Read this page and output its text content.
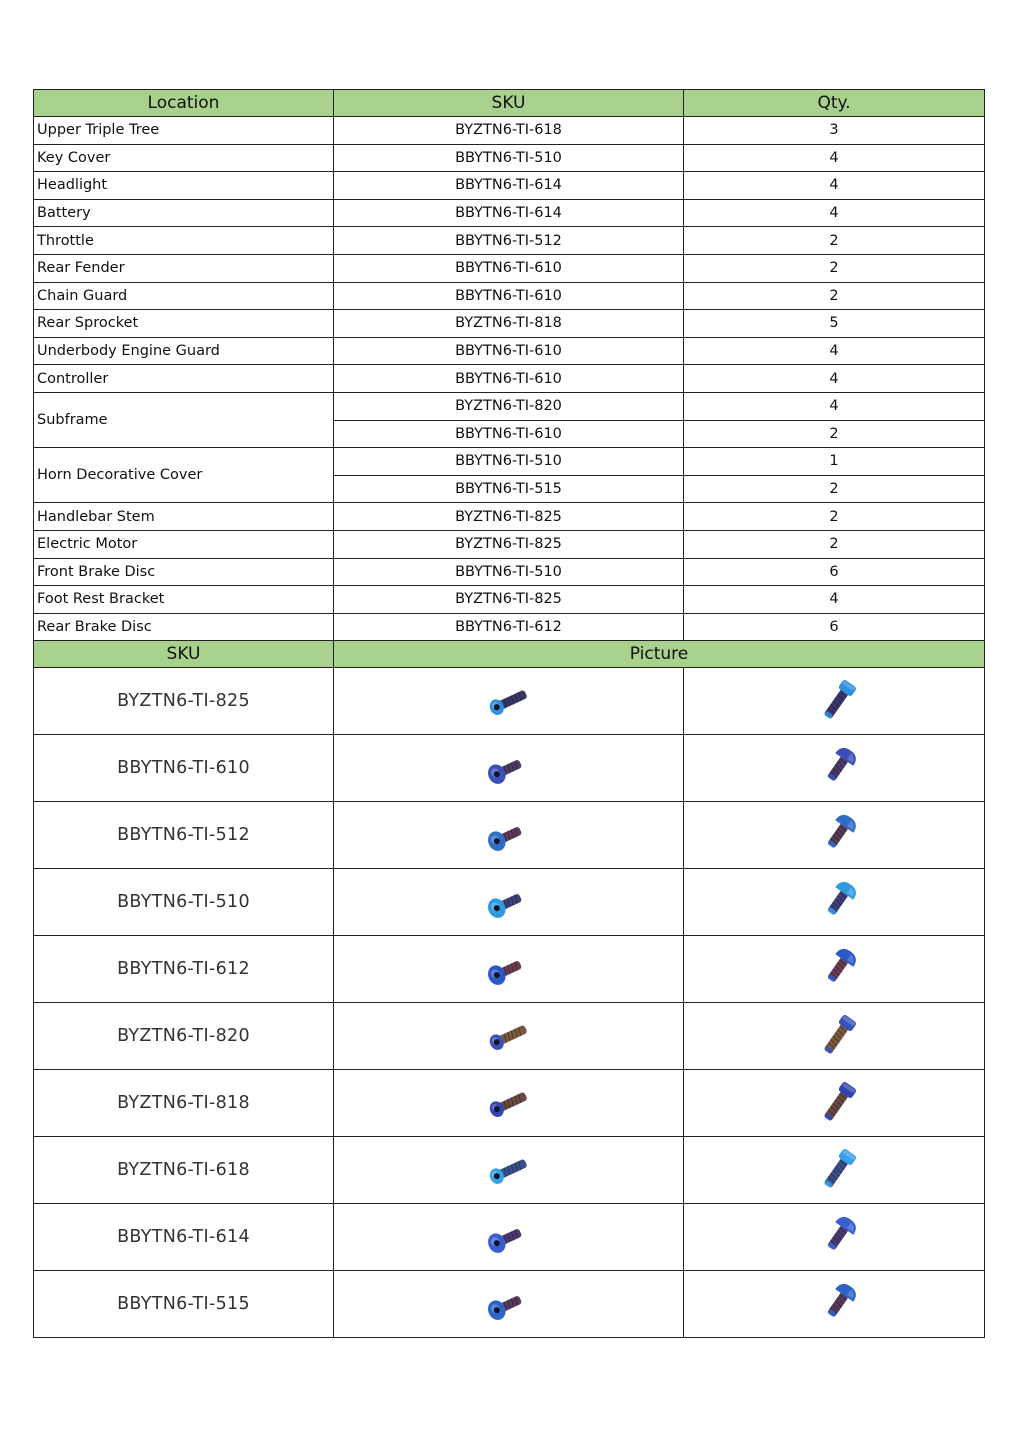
Location	SKU	Qty.
Upper Triple Tree	BYZTN6-TI-618	3
Key Cover	BBYTN6-TI-510	4
Headlight	BBYTN6-TI-614	4
Battery	BBYTN6-TI-614	4
Throttle	BBYTN6-TI-512	2
Rear Fender	BBYTN6-TI-610	2
Chain Guard	BBYTN6-TI-610	2
Rear Sprocket	BYZTN6-TI-818	5
Underbody Engine Guard	BBYTN6-TI-610	4
Controller	BBYTN6-TI-610	4
Subframe	BYZTN6-TI-820	4
	BBYTN6-TI-610	2
Horn Decorative Cover	BBYTN6-TI-510	1
	BBYTN6-TI-515	2
Handlebar Stem	BYZTN6-TI-825	2
Electric Motor	BYZTN6-TI-825	2
Front Brake Disc	BBYTN6-TI-510	6
Foot Rest Bracket	BYZTN6-TI-825	4
Rear Brake Disc	BBYTN6-TI-612	6
SKU	Picture	
BYZTN6-TI-825		
BBYTN6-TI-610		
BBYTN6-TI-512		
BBYTN6-TI-510		
BBYTN6-TI-612		
BYZTN6-TI-820		
BYZTN6-TI-818		
BYZTN6-TI-618		
BBYTN6-TI-614		
BBYTN6-TI-515		
